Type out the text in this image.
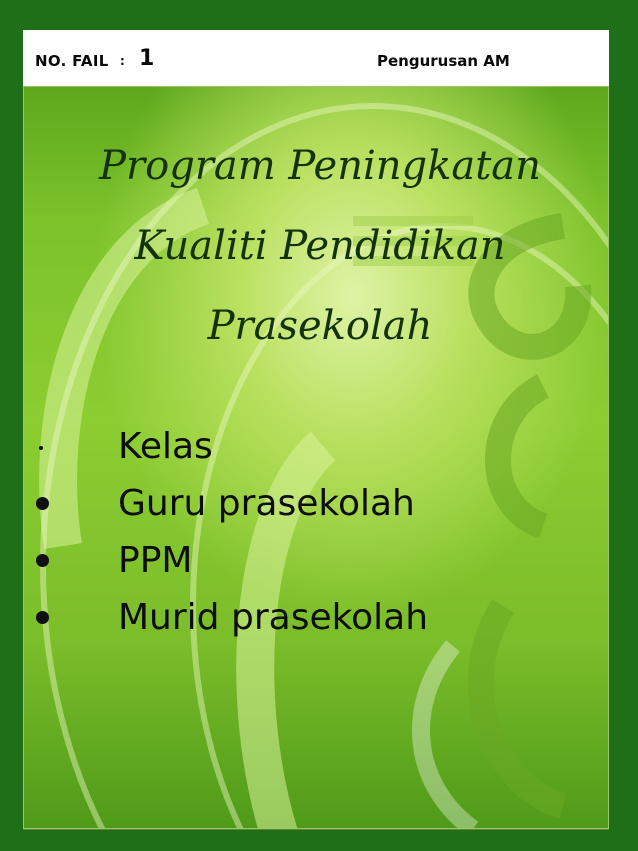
NO. FAIL : 1	Pengurusan AM
Program Peningkatan
Kualiti Pendidikan
Prasekolah
Kelas
Guru prasekolah
PPM
Murid prasekolah
